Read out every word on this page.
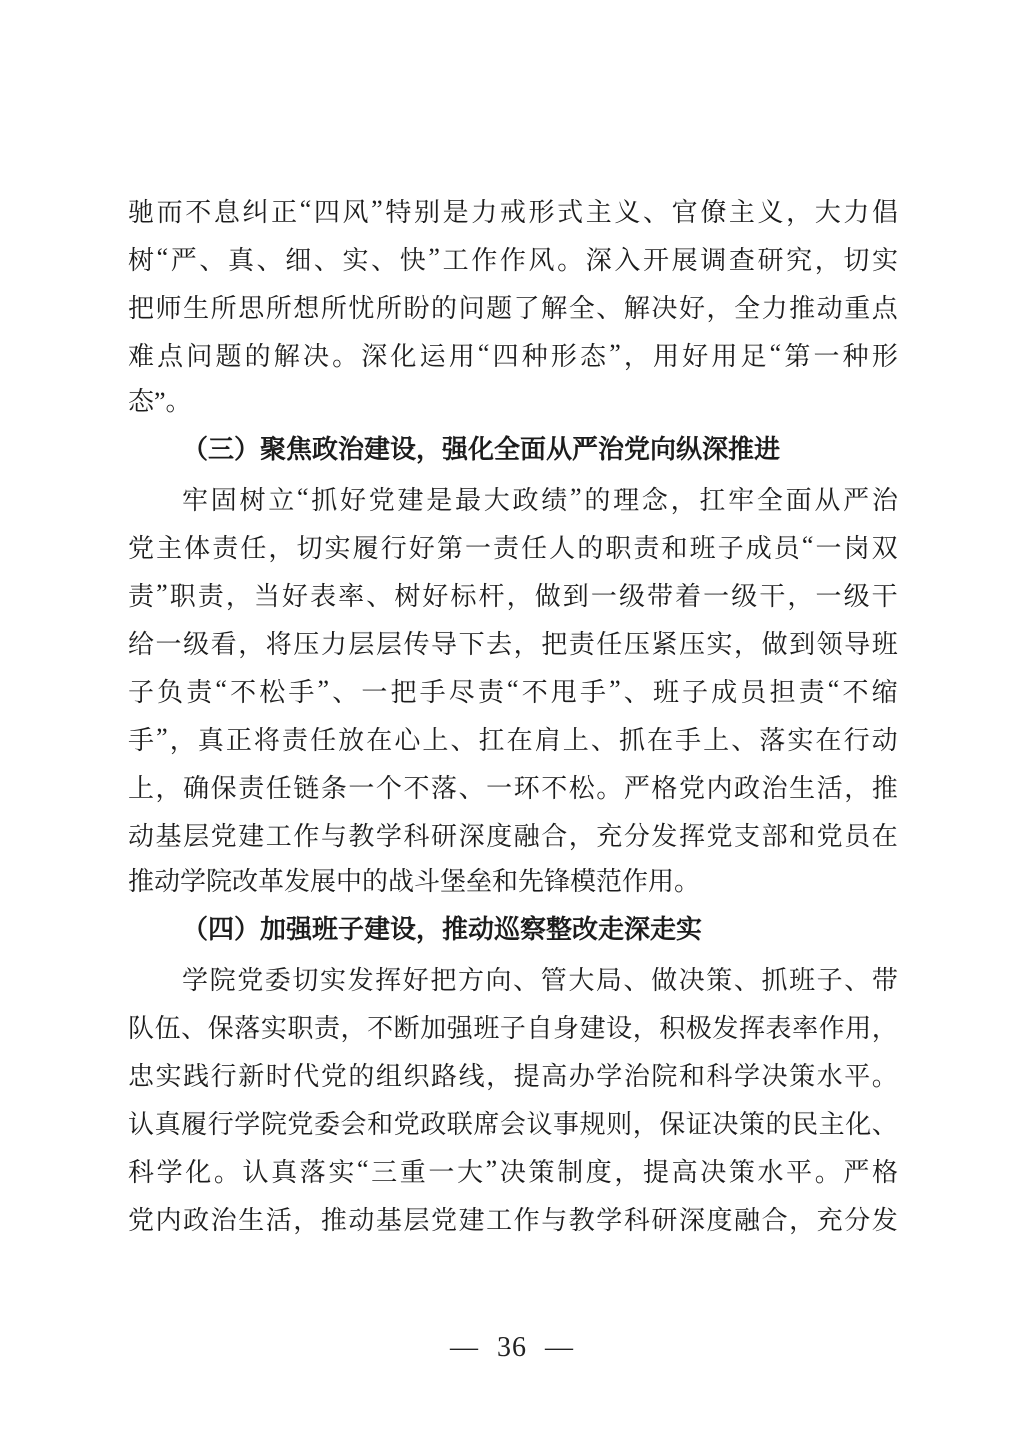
驰 而 不 息 纠 正 “ 四 风 ” 特 别 是 力 戒 形 式 主 义 、 官 僚 主 义 ， 大 力 倡
树 “ 严 、 真 、 细 、 实 、 快 ” 工 作 作 风 。 深 入 开 展 调 查 研 究 ， 切 实
把 师 生 所 思 所 想 所 忧 所 盼 的 问 题 了 解 全 、 解 决 好 ， 全 力 推 动 重 点
难 点 问 题 的 解 决 。 深 化 运 用 “ 四 种 形 态 ” ， 用 好 用 足 “ 第 一 种 形
态”。
（三）聚焦政治建设，强化全面从严治党向纵深推进
牢 固 树 立 “ 抓 好 党 建 是 最 大 政 绩 ” 的 理 念 ， 扛 牢 全 面 从 严 治
党 主 体 责 任 ， 切 实 履 行 好 第 一 责 任 人 的 职 责 和 班 子 成 员 “ 一 岗 双
责 ” 职 责 ， 当 好 表 率 、 树 好 标 杆 ， 做 到 一 级 带 着 一 级 干 ， 一 级 干
给 一 级 看 ， 将 压 力 层 层 传 导 下 去 ， 把 责 任 压 紧 压 实 ， 做 到 领 导 班
子 负 责 “ 不 松 手 ” 、 一 把 手 尽 责 “ 不 甩 手 ” 、 班 子 成 员 担 责 “ 不 缩
手 ” ， 真 正 将 责 任 放 在 心 上 、 扛 在 肩 上 、 抓 在 手 上 、 落 实 在 行 动
上 ， 确 保 责 任 链 条 一 个 不 落 、 一 环 不 松 。 严 格 党 内 政 治 生 活 ， 推
动 基 层 党 建 工 作 与 教 学 科 研 深 度 融 合 ， 充 分 发 挥 党 支 部 和 党 员 在
推动学院改革发展中的战斗堡垒和先锋模范作用。
（四）加强班子建设，推动巡察整改走深走实
学 院 党 委 切 实 发 挥 好 把 方 向 、 管 大 局 、 做 决 策 、 抓 班 子 、 带
队 伍 、 保 落 实 职 责 ， 不 断 加 强 班 子 自 身 建 设 ， 积 极 发 挥 表 率 作 用 ，
忠 实 践 行 新 时 代 党 的 组 织 路 线 ， 提 高 办 学 治 院 和 科 学 决 策 水 平 。
认 真 履 行 学 院 党 委 会 和 党 政 联 席 会 议 事 规 则 ， 保 证 决 策 的 民 主 化 、
科 学 化 。 认 真 落 实 “ 三 重 一 大 ” 决 策 制 度 ， 提 高 决 策 水 平 。 严 格
党 内 政 治 生 活 ， 推 动 基 层 党 建 工 作 与 教 学 科 研 深 度 融 合 ， 充 分 发
— 36 —
